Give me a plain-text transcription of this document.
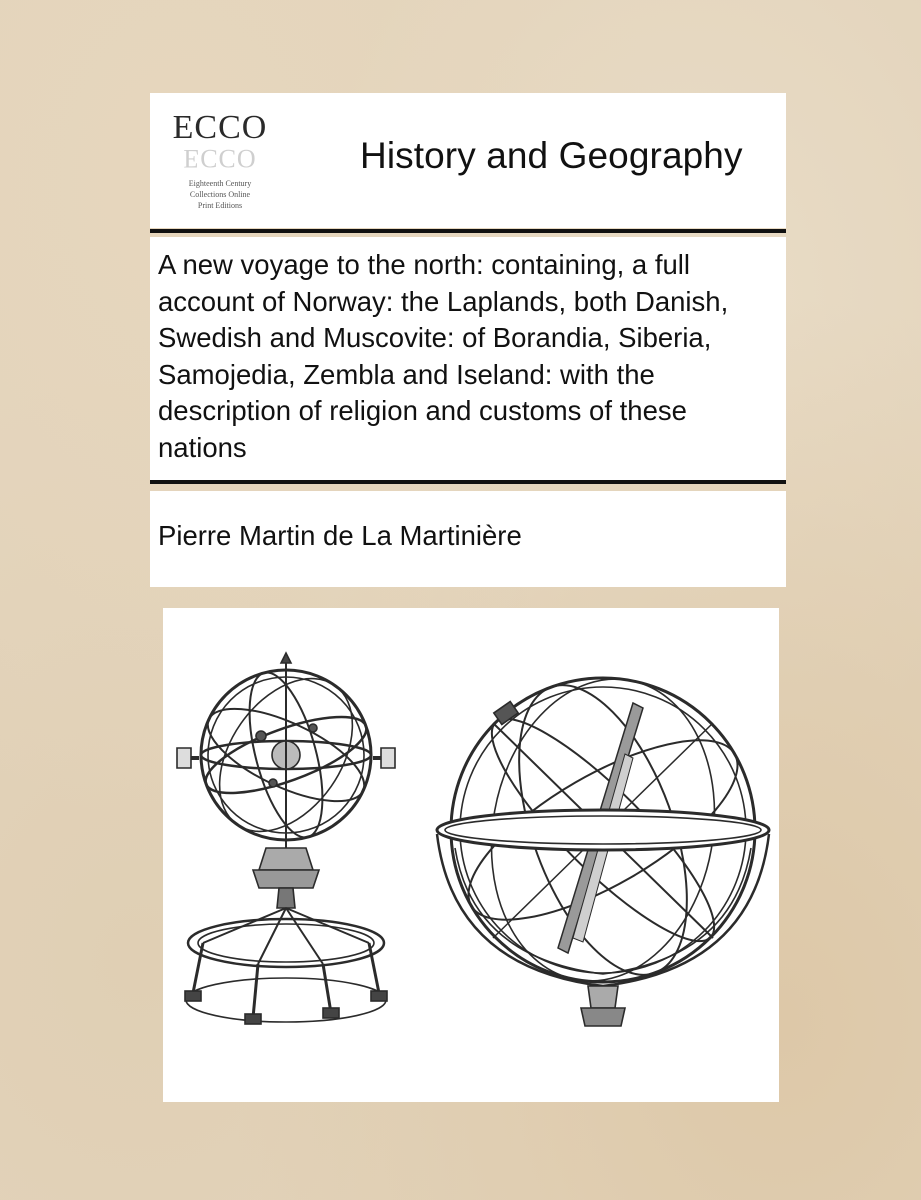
ECCO
ECCO
Eighteenth Century
Collections Online
Print Editions
History and Geography
A new voyage to the north: containing, a full account of Norway: the Laplands, both Danish, Swedish and Muscovite: of Borandia, Siberia, Samojedia, Zembla and Iseland: with the description of religion and customs of these nations
Pierre Martin de La Martinière
